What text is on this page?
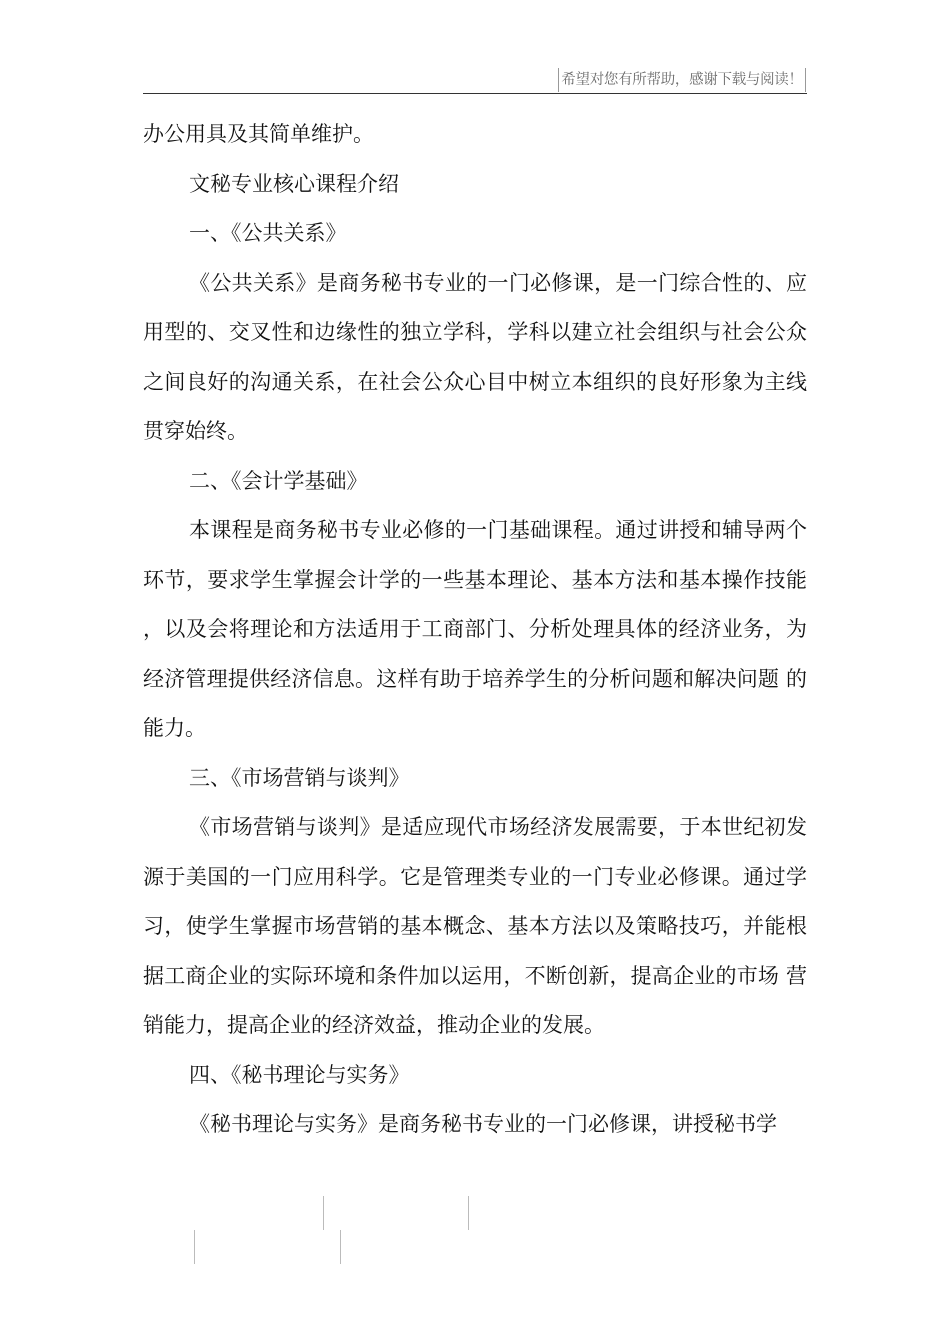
希望对您有所帮助，感谢下载与阅读！

办公用具及其简单维护。

文秘专业核心课程介绍

一、《公共关系》

《公共关系》是商务秘书专业的一门必修课，是一门综合性的、应用型的、交叉性和边缘性的独立学科，学科以建立社会组织与社会公众 之间良好的沟通关系，在社会公众心目中树立本组织的良好形象为主线贯穿始终。

二、《会计学基础》

本课程是商务秘书专业必修的一门基础课程。通过讲授和辅导两个环节，要求学生掌握会计学的一些基本理论、基本方法和基本操作技能 ，以及会将理论和方法适用于工商部门、分析处理具体的经济业务，为经济管理提供经济信息。这样有助于培养学生的分析问题和解决问题 的能力。

三、《市场营销与谈判》

《市场营销与谈判》是适应现代市场经济发展需要，于本世纪初发源于美国的一门应用科学。它是管理类专业的一门专业必修课。通过学 习，使学生掌握市场营销的基本概念、基本方法以及策略技巧，并能根据工商企业的实际环境和条件加以运用，不断创新，提高企业的市场 营销能力，提高企业的经济效益，推动企业的发展。

四、《秘书理论与实务》

《秘书理论与实务》是商务秘书专业的一门必修课，讲授秘书学
